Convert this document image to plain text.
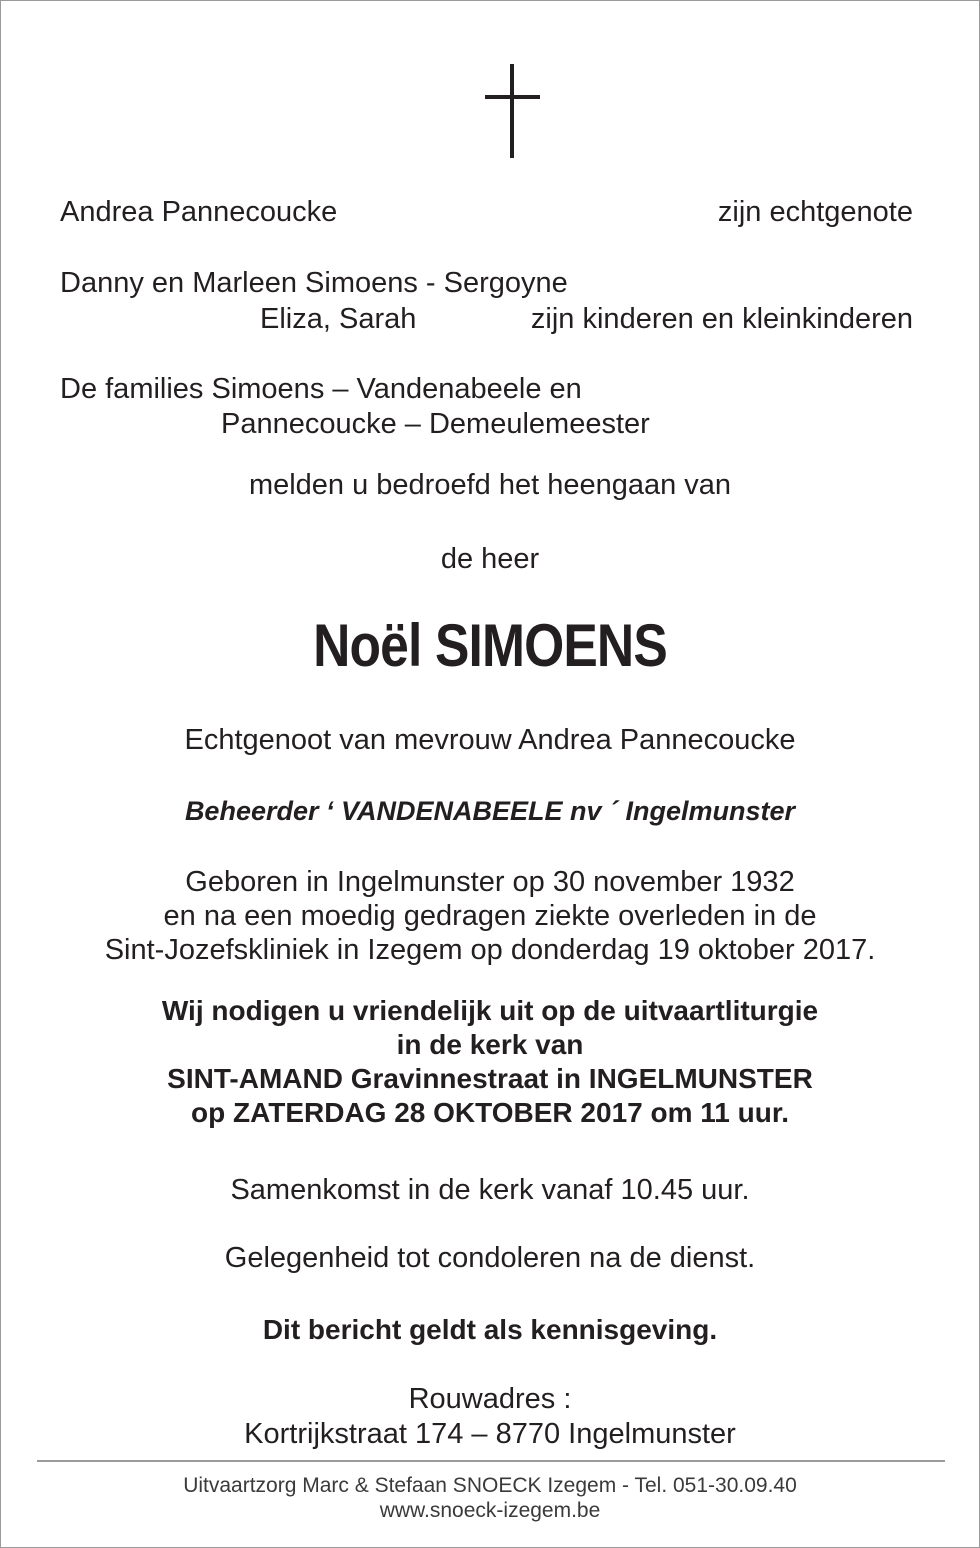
Andrea Pannecoucke	zijn echtgenote
Danny en Marleen Simoens - Sergoyne
Eliza, Sarah	zijn kinderen en kleinkinderen
De families Simoens – Vandenabeele en
Pannecoucke – Demeulemeester
melden u bedroefd het heengaan van
de heer
Noël SIMOENS
Echtgenoot van mevrouw Andrea Pannecoucke
Beheerder ‘ VANDENABEELE nv ´ Ingelmunster
Geboren in Ingelmunster op 30 november 1932
en na een moedig gedragen ziekte overleden in de
Sint-Jozefskliniek in Izegem op donderdag 19 oktober 2017.
Wij nodigen u vriendelijk uit op de uitvaartliturgie
in de kerk van
SINT-AMAND Gravinnestraat in INGELMUNSTER
op ZATERDAG 28 OKTOBER 2017 om 11 uur.
Samenkomst in de kerk vanaf 10.45 uur.
Gelegenheid tot condoleren na de dienst.
Dit bericht geldt als kennisgeving.
Rouwadres :
Kortrijkstraat 174 – 8770 Ingelmunster
Uitvaartzorg Marc & Stefaan SNOECK Izegem - Tel. 051-30.09.40
www.snoeck-izegem.be
